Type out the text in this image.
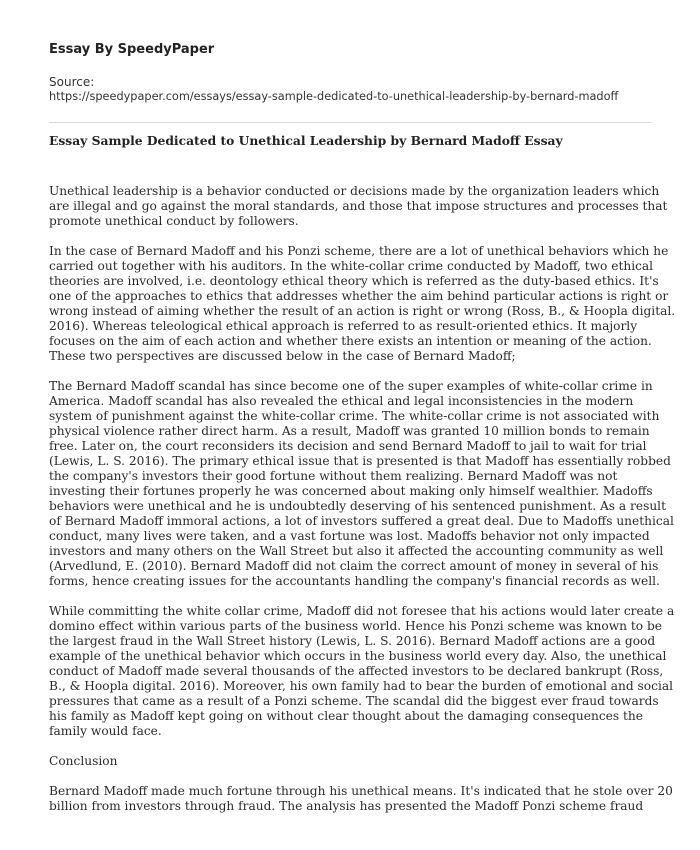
Essay By SpeedyPaper
Source:
https://speedypaper.com/essays/essay-sample-dedicated-to-unethical-leadership-by-bernard-madoff
Essay Sample Dedicated to Unethical Leadership by Bernard Madoff Essay
Unethical leadership is a behavior conducted or decisions made by the organization leaders which
are illegal and go against the moral standards, and those that impose structures and processes that
promote unethical conduct by followers.
In the case of Bernard Madoff and his Ponzi scheme, there are a lot of unethical behaviors which he
carried out together with his auditors. In the white-collar crime conducted by Madoff, two ethical
theories are involved, i.e. deontology ethical theory which is referred as the duty-based ethics. It's
one of the approaches to ethics that addresses whether the aim behind particular actions is right or
wrong instead of aiming whether the result of an action is right or wrong (Ross, B., & Hoopla digital.
2016). Whereas teleological ethical approach is referred to as result-oriented ethics. It majorly
focuses on the aim of each action and whether there exists an intention or meaning of the action.
These two perspectives are discussed below in the case of Bernard Madoff;
The Bernard Madoff scandal has since become one of the super examples of white-collar crime in
America. Madoff scandal has also revealed the ethical and legal inconsistencies in the modern
system of punishment against the white-collar crime. The white-collar crime is not associated with
physical violence rather direct harm. As a result, Madoff was granted 10 million bonds to remain
free. Later on, the court reconsiders its decision and send Bernard Madoff to jail to wait for trial
(Lewis, L. S. 2016). The primary ethical issue that is presented is that Madoff has essentially robbed
the company's investors their good fortune without them realizing. Bernard Madoff was not
investing their fortunes properly he was concerned about making only himself wealthier. Madoffs
behaviors were unethical and he is undoubtedly deserving of his sentenced punishment. As a result
of Bernard Madoff immoral actions, a lot of investors suffered a great deal. Due to Madoffs unethical
conduct, many lives were taken, and a vast fortune was lost. Madoffs behavior not only impacted
investors and many others on the Wall Street but also it affected the accounting community as well
(Arvedlund, E. (2010). Bernard Madoff did not claim the correct amount of money in several of his
forms, hence creating issues for the accountants handling the company's financial records as well.
While committing the white collar crime, Madoff did not foresee that his actions would later create a
domino effect within various parts of the business world. Hence his Ponzi scheme was known to be
the largest fraud in the Wall Street history (Lewis, L. S. 2016). Bernard Madoff actions are a good
example of the unethical behavior which occurs in the business world every day. Also, the unethical
conduct of Madoff made several thousands of the affected investors to be declared bankrupt (Ross,
B., & Hoopla digital. 2016). Moreover, his own family had to bear the burden of emotional and social
pressures that came as a result of a Ponzi scheme. The scandal did the biggest ever fraud towards
his family as Madoff kept going on without clear thought about the damaging consequences the
family would face.
Conclusion
Bernard Madoff made much fortune through his unethical means. It's indicated that he stole over 20
billion from investors through fraud. The analysis has presented the Madoff Ponzi scheme fraud
